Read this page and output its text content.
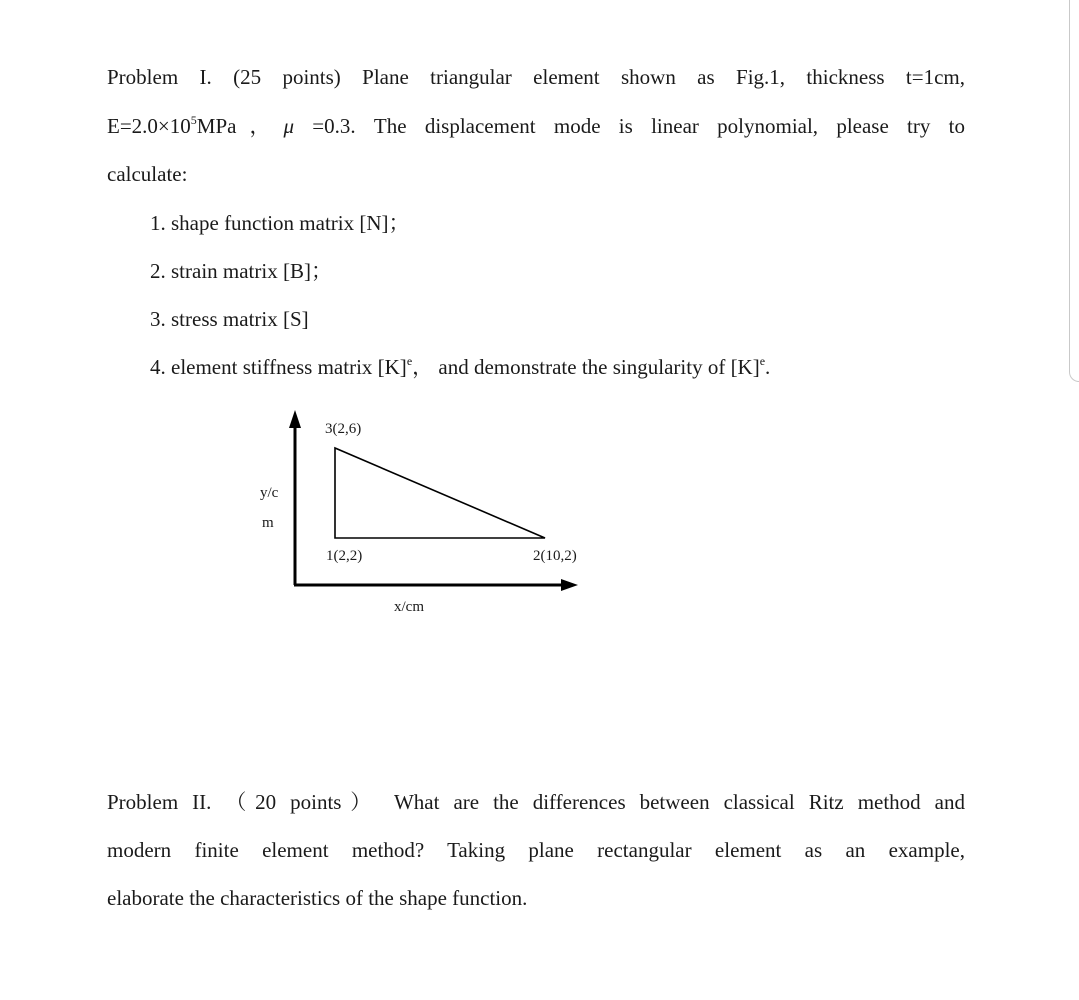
Problem I. (25 points) Plane triangular element shown as Fig.1, thickness t=1cm,
$E=2.0\times 10^5MPa$，μ =0.3. The displacement mode is linear polynomial, please try to
calculate:
1. shape function matrix [N]；
2. strain matrix [B]；
3. stress matrix [S]
4. element stiffness matrix $[K]^e$， and demonstrate the singularity of $[K]^e$.
3(2,6)
1(2,2)	2(10,2)
y/c
m
x/cm
Problem II. （20 points） What are the differences between classical Ritz method and
modern finite element method? Taking plane rectangular element as an example,
elaborate the characteristics of the shape function.
